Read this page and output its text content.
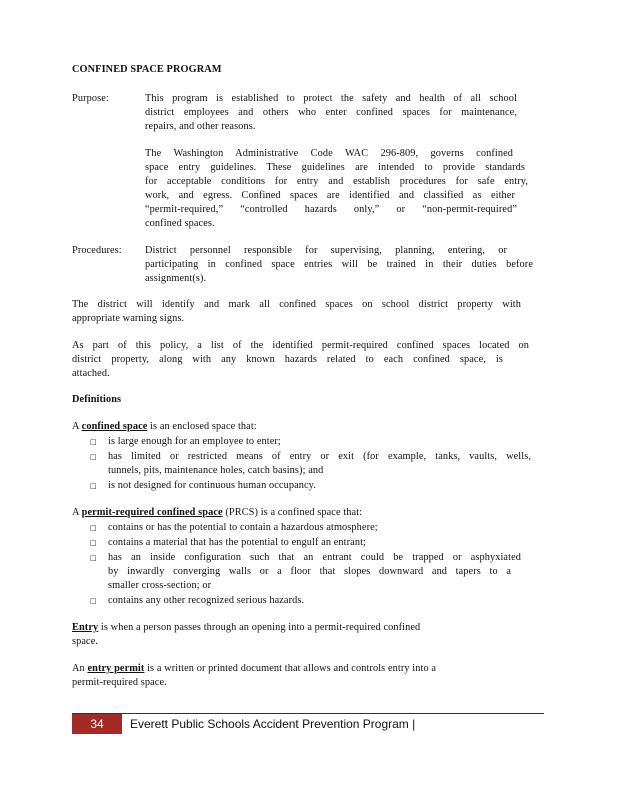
CONFINED SPACE PROGRAM
Purpose:	This program is established to protect the safety and health of all school
district employees and others who enter confined spaces for maintenance,
repairs, and other reasons.
The Washington Administrative Code WAC 296-809, governs confined
space entry guidelines. These guidelines are intended to provide standards
for acceptable conditions for entry and establish procedures for safe entry,
work, and egress. Confined spaces are identified and classified as either
“permit-required,” “controlled hazards only,” or “non-permit-required”
confined spaces.
Procedures: District personnel responsible for supervising, planning, entering, or
participating in confined space entries will be trained in their duties before
assignment(s).
The district will identify and mark all confined spaces on school district property with
appropriate warning signs.
As part of this policy, a list of the identified permit-required confined spaces located on
district property, along with any known hazards related to each confined space, is
attached.
Definitions
A confined space is an enclosed space that:
□ is large enough for an employee to enter;
□ has limited or restricted means of entry or exit (for example, tanks, vaults, wells,
tunnels, pits, maintenance holes, catch basins); and
□ is not designed for continuous human occupancy.
A permit-required confined space (PRCS) is a confined space that:
□ contains or has the potential to contain a hazardous atmosphere;
□ contains a material that has the potential to engulf an entrant;
□ has an inside configuration such that an entrant could be trapped or asphyxiated
by inwardly converging walls or a floor that slopes downward and tapers to a
smaller cross-section; or
□ contains any other recognized serious hazards.
Entry is when a person passes through an opening into a permit-required confined
space.
An entry permit is a written or printed document that allows and controls entry into a
permit-required space.
34	Everett Public Schools Accident Prevention Program |
